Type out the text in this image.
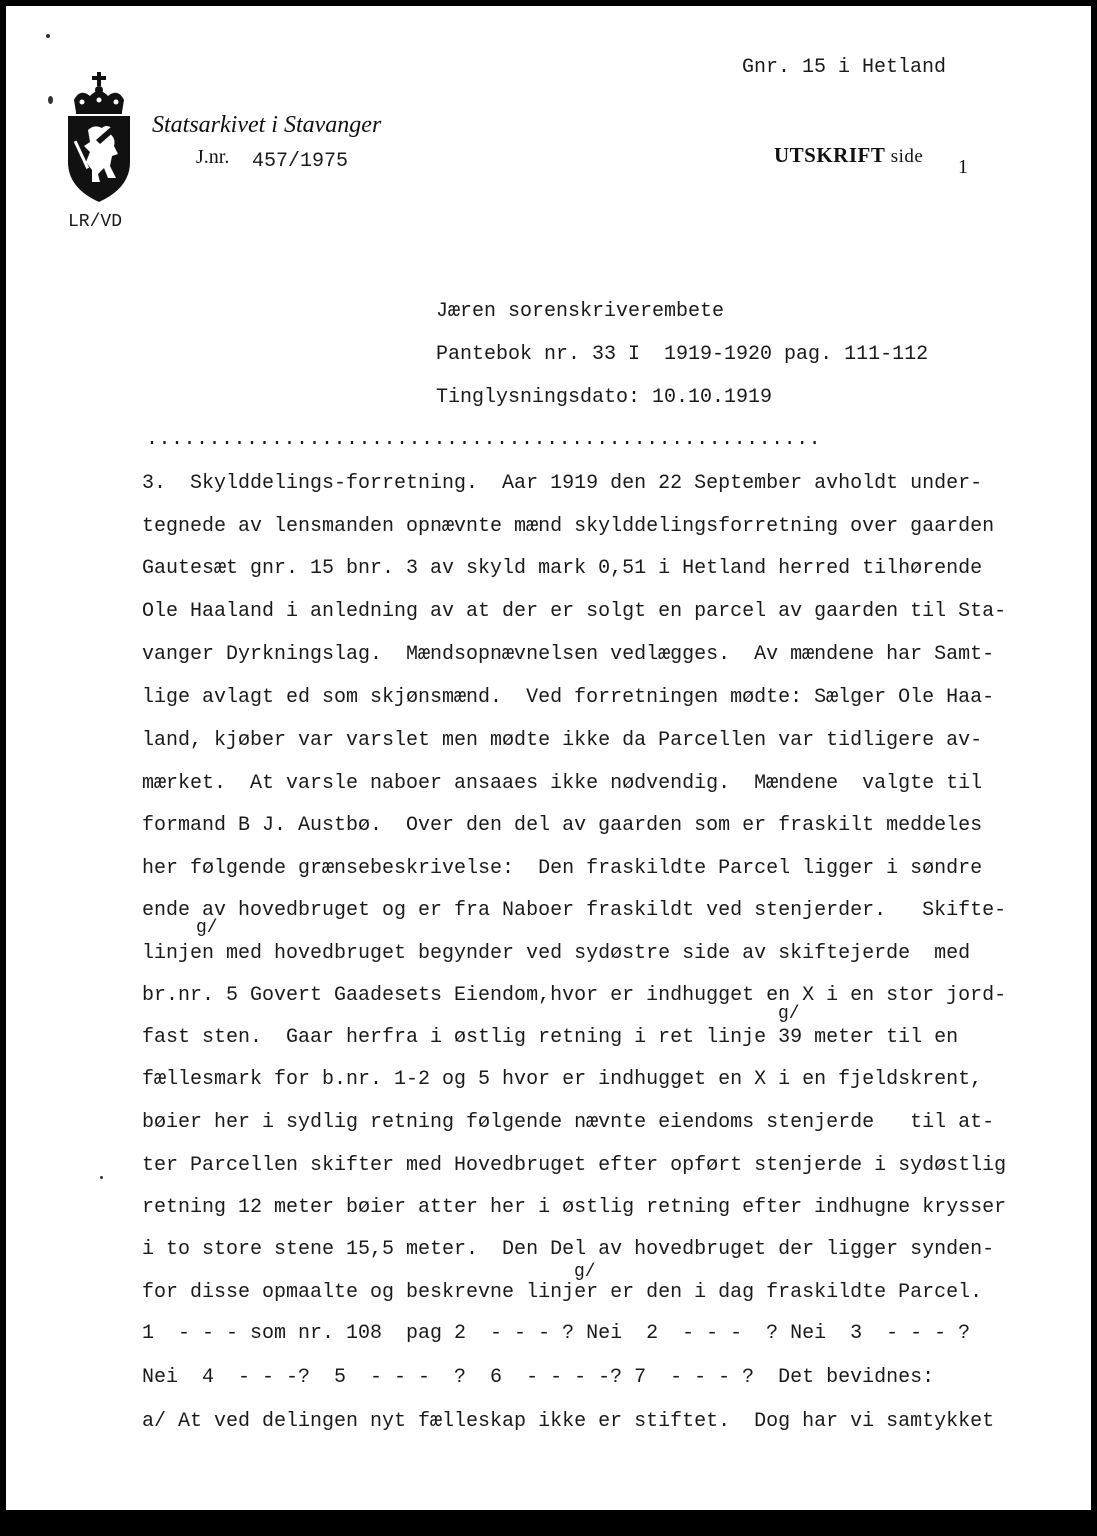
Statsarkivet i Stavanger
J.nr. 457/1975
LR/VD
Gnr. 15 i Hetland
UTSKRIFT side 1
Jæren sorenskriverembete
Pantebok nr. 33 I  1919-1920 pag. 111-112
Tinglysningsdato: 10.10.1919
......................................................
3.  Skylddelings-forretning.  Aar 1919 den 22 September avholdt under-
tegnede av lensmanden opnævnte mænd skylddelingsforretning over gaarden
Gautesæt gnr. 15 bnr. 3 av skyld mark 0,51 i Hetland herred tilhørende
Ole Haaland i anledning av at der er solgt en parcel av gaarden til Sta-
vanger Dyrkningslag.  Mændsopnævnelsen vedlægges.  Av mændene har Samt-
lige avlagt ed som skjønsmænd.  Ved forretningen mødte: Sælger Ole Haa-
land, kjøber var varslet men mødte ikke da Parcellen var tidligere av-
mærket.  At varsle naboer ansaaes ikke nødvendig.  Mændene  valgte til
formand B J. Austbø.  Over den del av gaarden som er fraskilt meddeles
her følgende grænsebeskrivelse:  Den fraskildte Parcel ligger i søndre
ende av hovedbruget og er fra Naboer fraskildt ved stenjerder.   Skifte-
linjen med hovedbruget begynder ved sydøstre side av skiftejerde  med
br.nr. 5 Govert Gaadesets Eiendom,hvor er indhugget en X i en stor jord-
fast sten.  Gaar herfra i østlig retning i ret linje 39 meter til en
fællesmark for b.nr. 1-2 og 5 hvor er indhugget en X i en fjeldskrent,
bøier her i sydlig retning følgende nævnte eiendoms stenjerde   til at-
ter Parcellen skifter med Hovedbruget efter opført stenjerde i sydøstlig
retning 12 meter bøier atter her i østlig retning efter indhugne krysser
i to store stene 15,5 meter.  Den Del av hovedbruget der ligger synden-
for disse opmaalte og beskrevne linjer er den i dag fraskildte Parcel.
1  - - - som nr. 108  pag 2  - - - ? Nei  2  - - -  ? Nei  3  - - - ?
Nei  4  - - -?  5  - - -  ?  6  - - - -? 7  - - - ?  Det bevidnes:
a/ At ved delingen nyt fælleskap ikke er stiftet.  Dog har vi samtykket
g/
g/
g/
